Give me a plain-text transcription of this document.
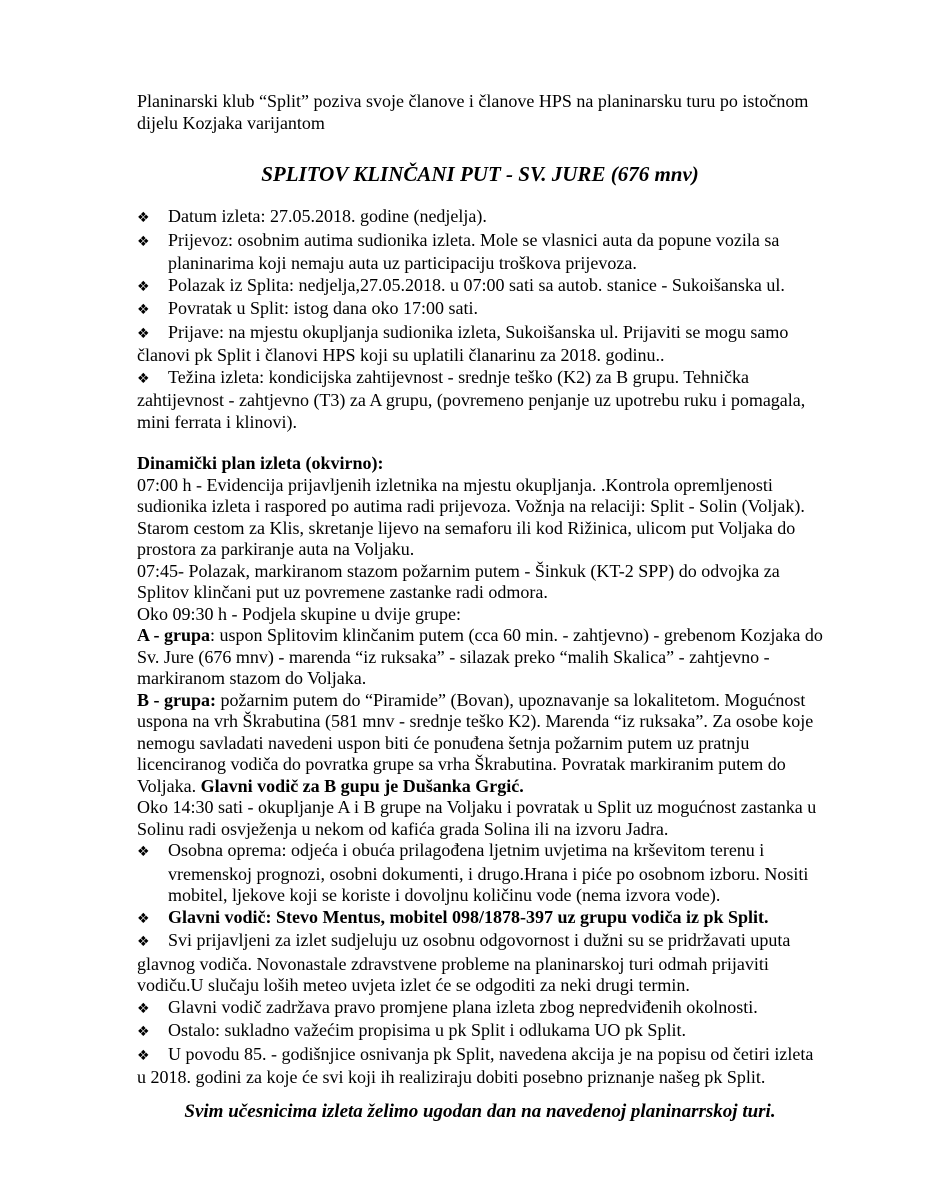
Planinarski klub “Split” poziva svoje članove i članove HPS na planinarsku turu po istočnom dijelu Kozjaka varijantom

SPLITOV KLINČANI PUT - SV. JURE (676 mnv)
❖ Datum izleta: 27.05.2018. godine (nedjelja).
❖ Prijevoz: osobnim autima sudionika izleta. Mole se vlasnici auta da popune vozila sa planinarima koji nemaju auta uz participaciju troškova prijevoza.
❖ Polazak iz Splita: nedjelja,27.05.2018. u 07:00 sati sa autob. stanice - Sukoišanska ul.
❖ Povratak u Split: istog dana oko 17:00 sati.
❖ Prijave: na mjestu okupljanja sudionika izleta, Sukoišanska ul. Prijaviti se mogu samo članovi pk Split i članovi HPS koji su uplatili članarinu za 2018. godinu..
❖ Težina izleta: kondicijska zahtijevnost - srednje teško (K2) za B grupu. Tehnička zahtijevnost - zahtjevno (T3) za A grupu, (povremeno penjanje uz upotrebu ruku i pomagala, mini ferrata i klinovi).
Dinamički plan izleta (okvirno):
07:00 h - Evidencija prijavljenih izletnika na mjestu okupljanja. .Kontrola opremljenosti sudionika izleta i raspored po autima radi prijevoza. Vožnja na relaciji: Split - Solin (Voljak). Starom cestom za Klis, skretanje lijevo na semaforu ili kod Rižinica, ulicom put Voljaka do prostora za parkiranje auta na Voljaku.
07:45- Polazak, markiranom stazom požarnim putem - Šinkuk (KT-2 SPP) do odvojka za Splitov klinčani put uz povremene zastanke radi odmora.
Oko 09:30 h - Podjela skupine u dvije grupe:
A - grupa: uspon Splitovim klinčanim putem (cca 60 min. - zahtjevno) - grebenom Kozjaka do Sv. Jure (676 mnv) - marenda “iz ruksaka” - silazak preko “malih Skalica” - zahtjevno - markiranom stazom do Voljaka.
B - grupa: požarnim putem do “Piramide” (Bovan), upoznavanje sa lokalitetom. Mogućnost uspona na vrh Škrabutina (581 mnv - srednje teško K2). Marenda “iz ruksaka”. Za osobe koje nemogu savladati navedeni uspon biti će ponuđena šetnja požarnim putem uz pratnju licenciranog vodiča do povratka grupe sa vrha Škrabutina. Povratak markiranim putem do Voljaka. Glavni vodič za B gupu je Dušanka Grgić.
Oko 14:30 sati - okupljanje A i B grupe na Voljaku i povratak u Split uz mogućnost zastanka u Solinu radi osvježenja u nekom od kafića grada Solina ili na izvoru Jadra.
❖ Osobna oprema: odjeća i obuća prilagođena ljetnim uvjetima na krševitom terenu i vremenskoj prognozi, osobni dokumenti, i drugo.Hrana i piće po osobnom izboru. Nositi mobitel, ljekove koji se koriste i dovoljnu količinu vode (nema izvora vode).
❖ Glavni vodič: Stevo Mentus, mobitel 098/1878-397 uz grupu vodiča iz pk Split.
❖ Svi prijavljeni za izlet sudjeluju uz osobnu odgovornost i dužni su se pridržavati uputa glavnog vodiča. Novonastale zdravstvene probleme na planinarskoj turi odmah prijaviti vodiču.U slučaju loših meteo uvjeta izlet će se odgoditi za neki drugi termin.
❖ Glavni vodič zadržava pravo promjene plana izleta zbog nepredviđenih okolnosti.
❖ Ostalo: sukladno važećim propisima u pk Split i odlukama UO pk Split.
❖ U povodu 85. - godišnjice osnivanja pk Split, navedena akcija je na popisu od četiri izleta u 2018. godini za koje će svi koji ih realiziraju dobiti posebno priznanje našeg pk Split.

Svim učesnicima izleta želimo ugodan dan na navedenoj planinarrskoj turi.
